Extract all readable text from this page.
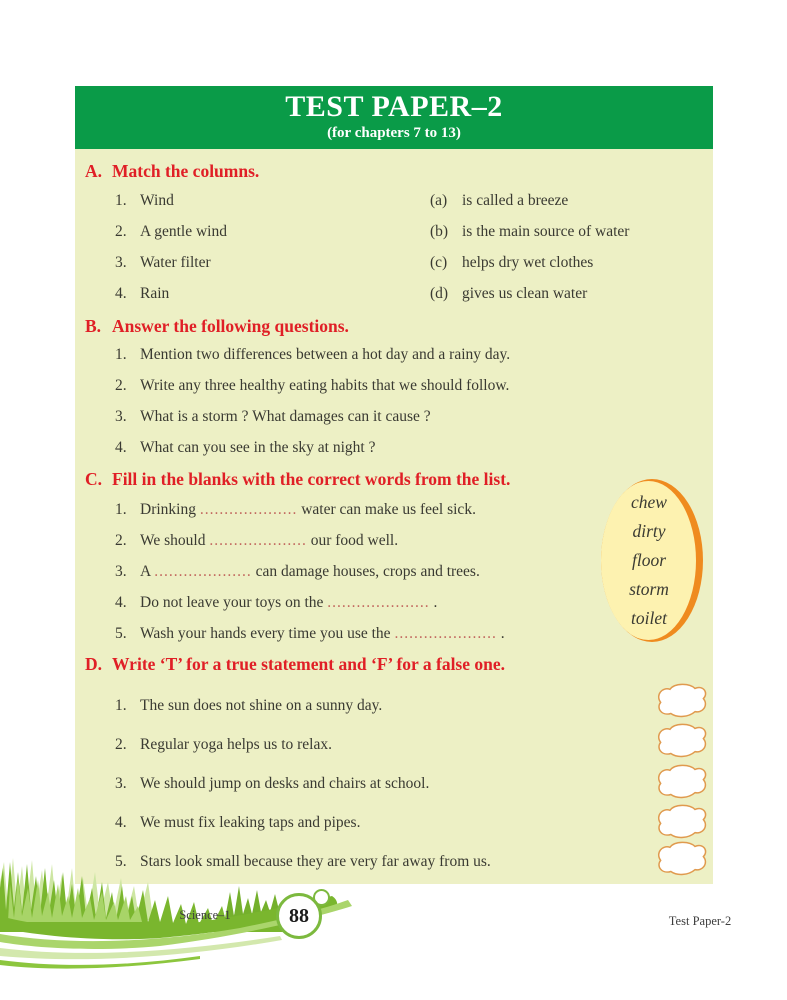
TEST PAPER–2
(for chapters 7 to 13)
A. Match the columns.
1. Wind	(a) is called a breeze
2. A gentle wind	(b) is the main source of water
3. Water filter	(c) helps dry wet clothes
4. Rain	(d) gives us clean water
B. Answer the following questions.
1. Mention two differences between a hot day and a rainy day.
2. Write any three healthy eating habits that we should follow.
3. What is a storm ? What damages can it cause ?
4. What can you see in the sky at night ?
C. Fill in the blanks with the correct words from the list.
1. Drinking .................... water can make us feel sick.
2. We should .................... our food well.
3. A .................... can damage houses, crops and trees.
4. Do not leave your toys on the ..................... .
5. Wash your hands every time you use the ..................... .
D. Write ‘T’ for a true statement and ‘F’ for a false one.
1. The sun does not shine on a sunny day.
2. Regular yoga helps us to relax.
3. We should jump on desks and chairs at school.
4. We must fix leaking taps and pipes.
5. Stars look small because they are very far away from us.
chew
dirty
floor
storm
toilet
Science–1	88	Test Paper-2
